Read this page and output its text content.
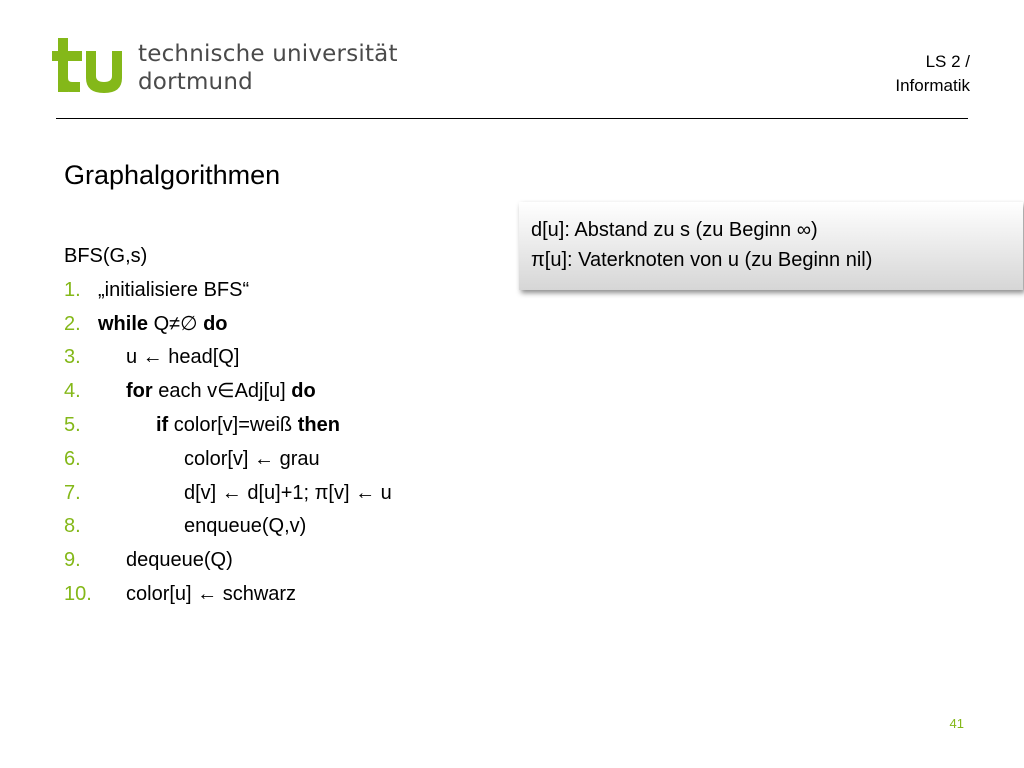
technische universität
dortmund
LS 2 /
Informatik
Graphalgorithmen
BFS(G,s)
1. „initialisiere BFS“
2. while Q≠∅ do
3. u ← head[Q]
4. for each v∈Adj[u] do
5.	if color[v]=weiß then
6.	color[v] ← grau
7.	d[v] ← d[u]+1; π[v] ← u
8.	enqueue(Q,v)
9. dequeue(Q)
10. color[u] ← schwarz
d[u]: Abstand zu s (zu Beginn ∞)
π[u]: Vaterknoten von u (zu Beginn nil)
41
